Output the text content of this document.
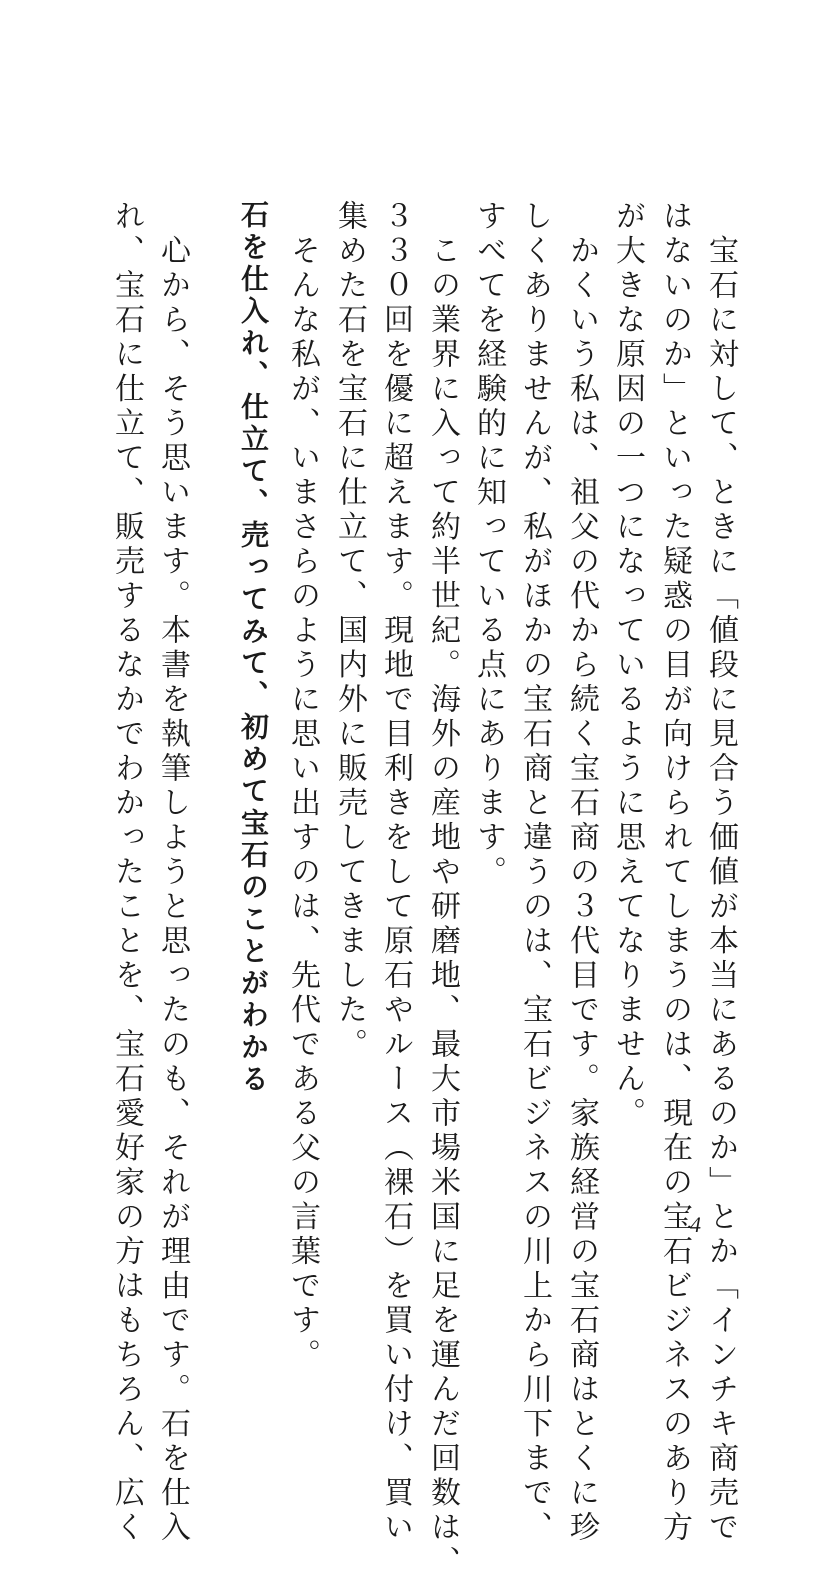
　宝石に対して、ときに「値段に見合う価値が本当にあるのか」とか「インチキ商売で
はないのか」といった疑惑の目が向けられてしまうのは、現在の宝石ビジネスのあり方
が大きな原因の一つになっているように思えてなりません。
　かくいう私は、祖父の代から続く宝石商の３代目です。家族経営の宝石商はとくに珍
しくありませんが、私がほかの宝石商と違うのは、宝石ビジネスの川上から川下まで、
すべてを経験的に知っている点にあります。
　この業界に入って約半世紀。海外の産地や研磨地、最大市場米国に足を運んだ回数は、
３３０回を優に超えます。現地で目利きをして原石やルース（裸石）を買い付け、買い
集めた石を宝石に仕立て、国内外に販売してきました。
　そんな私が、いまさらのように思い出すのは、先代である父の言葉です。
石を仕入れ、仕立て、売ってみて、初めて宝石のことがわかる
　心から、そう思います。本書を執筆しようと思ったのも、それが理由です。石を仕入
れ、宝石に仕立て、販売するなかでわかったことを、宝石愛好家の方はもちろん、広く	4
